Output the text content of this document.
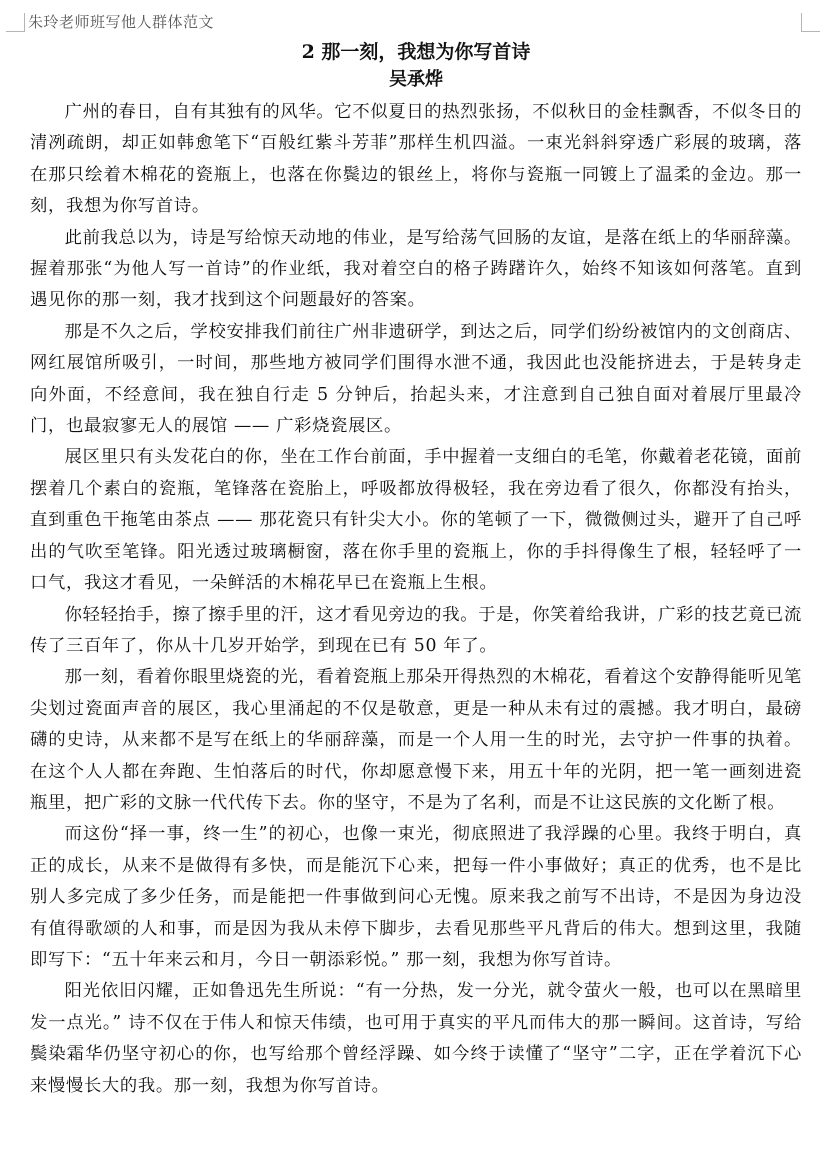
朱玲老师班写他人群体范文

2 那一刻，我想为你写首诗

吴承烨

广州的春日，自有其独有的风华。它不似夏日的热烈张扬，不似秋日的金桂飘香，不似冬日的清冽疏朗，却正如韩愈笔下“百般红紫斗芳菲”那样生机四溢。一束光斜斜穿透广彩展的玻璃，落在那只绘着木棉花的瓷瓶上，也落在你鬓边的银丝上，将你与瓷瓶一同镀上了温柔的金边。那一刻，我想为你写首诗。

此前我总以为，诗是写给惊天动地的伟业，是写给荡气回肠的友谊，是落在纸上的华丽辞藻。握着那张“为他人写一首诗”的作业纸，我对着空白的格子踌躇许久，始终不知该如何落笔。直到遇见你的那一刻，我才找到这个问题最好的答案。

那是不久之后，学校安排我们前往广州非遗研学，到达之后，同学们纷纷被馆内的文创商店、网红展馆所吸引，一时间，那些地方被同学们围得水泄不通，我因此也没能挤进去，于是转身走向外面，不经意间，我在独自行走 5 分钟后，抬起头来，才注意到自己独自面对着展厅里最冷门，也最寂寥无人的展馆 —— 广彩烧瓷展区。

展区里只有头发花白的你，坐在工作台前面，手中握着一支细白的毛笔，你戴着老花镜，面前摆着几个素白的瓷瓶，笔锋落在瓷胎上，呼吸都放得极轻，我在旁边看了很久，你都没有抬头，直到重色干拖笔由茶点 —— 那花瓷只有针尖大小。你的笔顿了一下，微微侧过头，避开了自己呼出的气吹至笔锋。阳光透过玻璃橱窗，落在你手里的瓷瓶上，你的手抖得像生了根，轻轻呼了一口气，我这才看见，一朵鲜活的木棉花早已在瓷瓶上生根。

你轻轻抬手，擦了擦手里的汗，这才看见旁边的我。于是，你笑着给我讲，广彩的技艺竟已流传了三百年了，你从十几岁开始学，到现在已有 50 年了。

那一刻，看着你眼里烧瓷的光，看着瓷瓶上那朵开得热烈的木棉花，看着这个安静得能听见笔尖划过瓷面声音的展区，我心里涌起的不仅是敬意，更是一种从未有过的震撼。我才明白，最磅礴的史诗，从来都不是写在纸上的华丽辞藻，而是一个人用一生的时光，去守护一件事的执着。在这个人人都在奔跑、生怕落后的时代，你却愿意慢下来，用五十年的光阴，把一笔一画刻进瓷瓶里，把广彩的文脉一代代传下去。你的坚守，不是为了名利，而是不让这民族的文化断了根。

而这份“择一事，终一生”的初心，也像一束光，彻底照进了我浮躁的心里。我终于明白，真正的成长，从来不是做得有多快，而是能沉下心来，把每一件小事做好；真正的优秀，也不是比别人多完成了多少任务，而是能把一件事做到问心无愧。原来我之前写不出诗，不是因为身边没有值得歌颂的人和事，而是因为我从未停下脚步，去看见那些平凡背后的伟大。想到这里，我随即写下：“五十年来云和月，今日一朝添彩悦。” 那一刻，我想为你写首诗。

阳光依旧闪耀，正如鲁迅先生所说：“有一分热，发一分光，就令萤火一般，也可以在黑暗里发一点光。” 诗不仅在于伟人和惊天伟绩，也可用于真实的平凡而伟大的那一瞬间。这首诗，写给鬓染霜华仍坚守初心的你，也写给那个曾经浮躁、如今终于读懂了“坚守”二字，正在学着沉下心来慢慢长大的我。那一刻，我想为你写首诗。
